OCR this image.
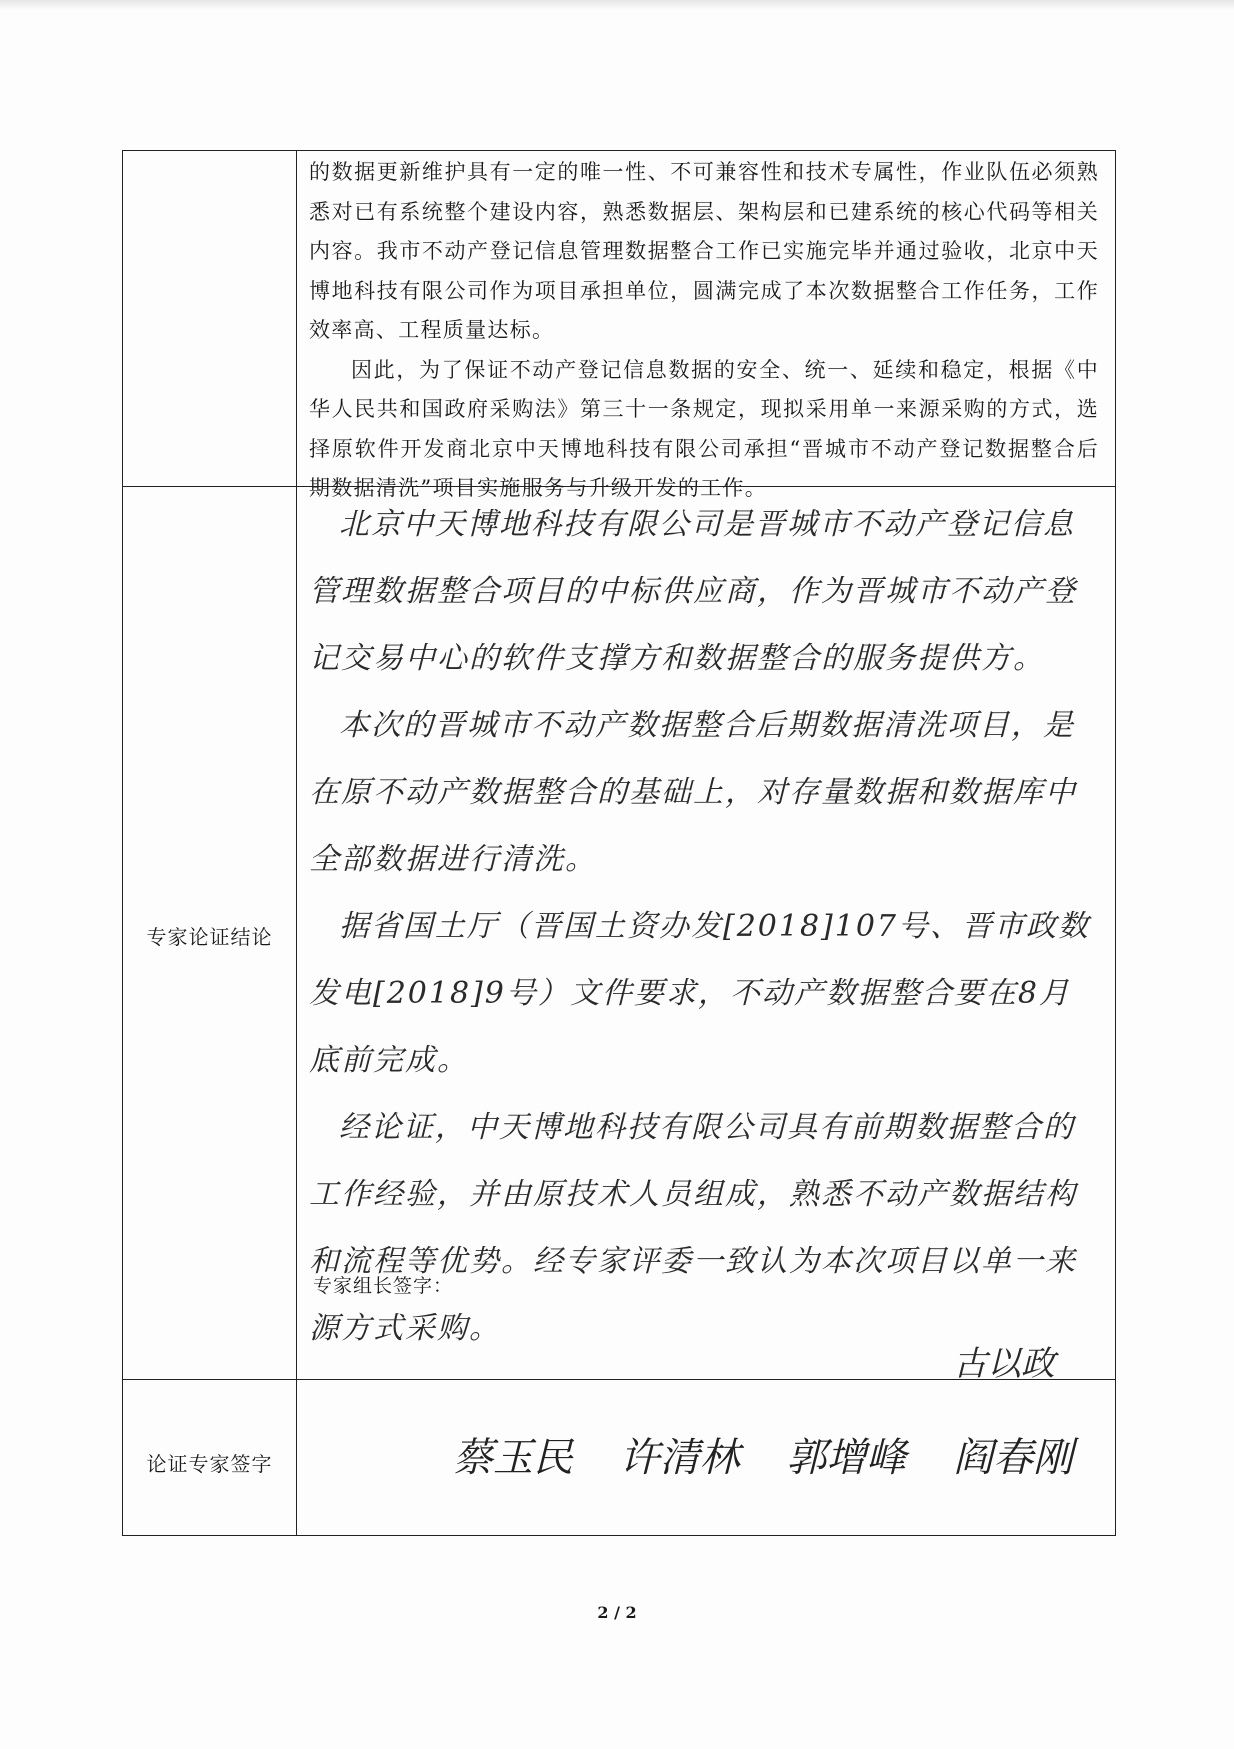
专家论证结论
论证专家签字

的数据更新维护具有一定的唯一性、不可兼容性和技术专属性，作业队伍必须熟悉对已有系统整个建设内容，熟悉数据层、架构层和已建系统的核心代码等相关内容。我市不动产登记信息管理数据整合工作已实施完毕并通过验收，北京中天博地科技有限公司作为项目承担单位，圆满完成了本次数据整合工作任务，工作效率高、工程质量达标。

因此，为了保证不动产登记信息数据的安全、统一、延续和稳定，根据《中华人民共和国政府采购法》第三十一条规定，现拟采用单一来源采购的方式，选择原软件开发商北京中天博地科技有限公司承担“晋城市不动产登记数据整合后期数据清洗”项目实施服务与升级开发的工作。

北京中天博地科技有限公司是晋城市不动产登记信息管理数据整合项目的中标供应商，作为晋城市不动产登记交易中心的软件支撑方和数据整合的服务提供方。

本次的晋城市不动产数据整合后期数据清洗项目，是在原不动产数据整合的基础上，对存量数据和数据库中全部数据进行清洗。

据省国土厅（晋国土资办发[2018]107号、晋市政数发电[2018]9号）文件要求，不动产数据整合要在8月底前完成。

经论证，中天博地科技有限公司具有前期数据整合的工作经验，并由原技术人员组成，熟悉不动产数据结构和流程等优势。经专家评委一致认为本次项目以单一来源方式采购。

专家组长签字：
古以政
蔡玉民 许清林 郭增峰 阎春刚
2 / 2
